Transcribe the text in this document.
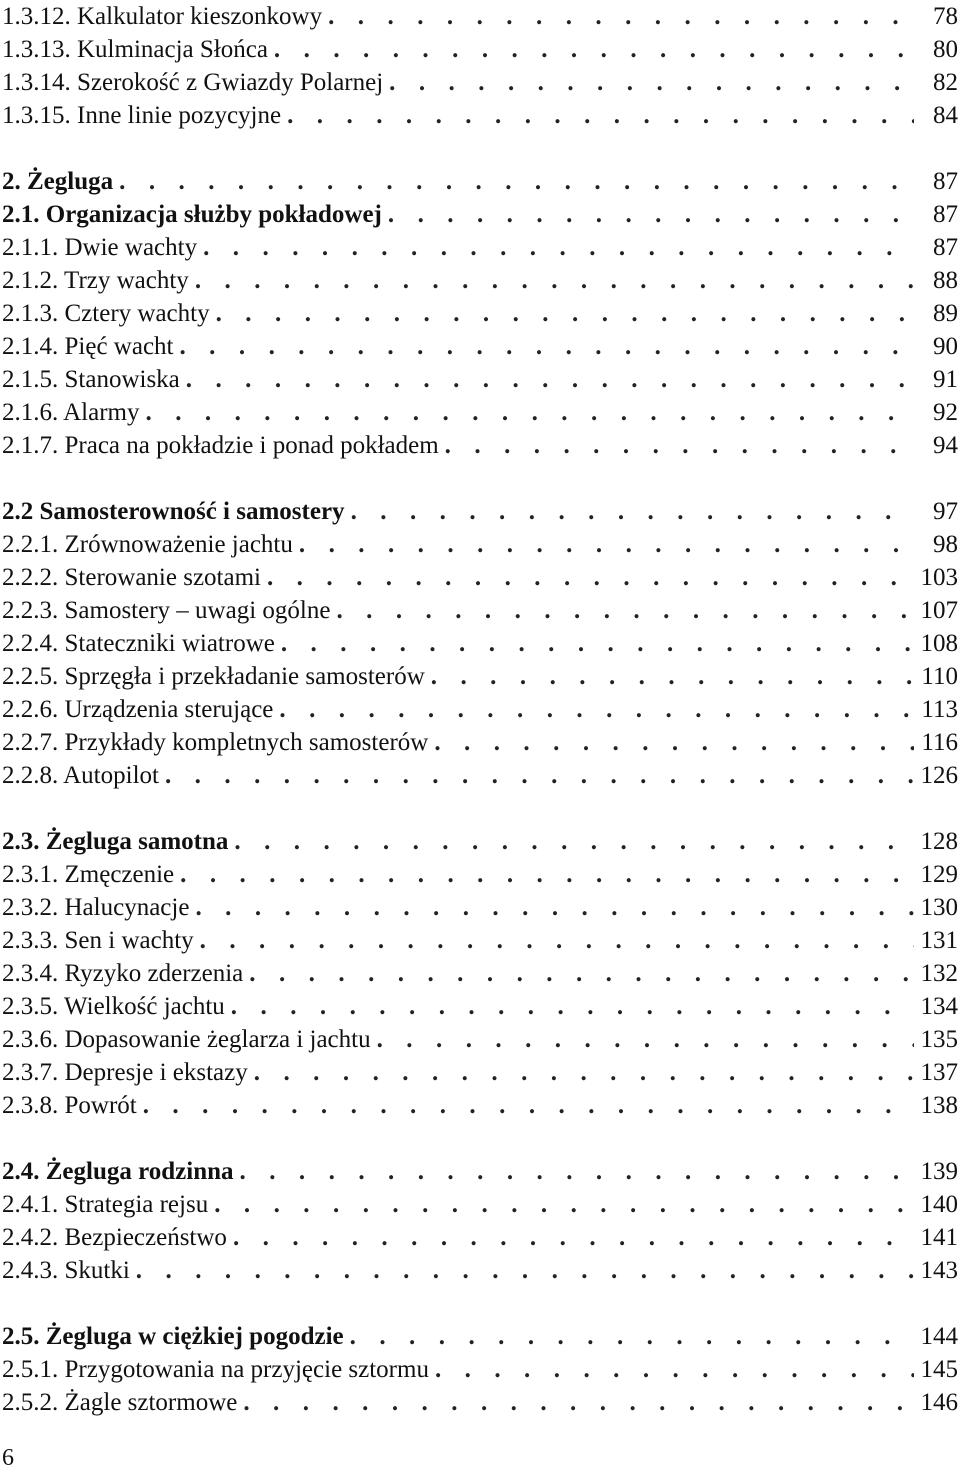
1.3.12. Kalkulator kieszonkowy . . .	78
1.3.13. Kulminacja Słońca . . .	80
1.3.14. Szerokość z Gwiazdy Polarnej . . .	82
1.3.15. Inne linie pozycyjne . . .	84
2. Żegluga . . .	87
2.1. Organizacja służby pokładowej . . .	87
2.1.1. Dwie wachty . . .	87
2.1.2. Trzy wachty . . .	88
2.1.3. Cztery wachty . . .	89
2.1.4. Pięć wacht . . .	90
2.1.5. Stanowiska . . .	91
2.1.6. Alarmy . . .	92
2.1.7. Praca na pokładzie i ponad pokładem . . .	94
2.2 Samosterowność i samostery . . .	97
2.2.1. Zrównoważenie jachtu . . .	98
2.2.2. Sterowanie szotami . . .	103
2.2.3. Samostery – uwagi ogólne . . .	107
2.2.4. Stateczniki wiatrowe . . .	108
2.2.5. Sprzęgła i przekładanie samosterów . . .	110
2.2.6. Urządzenia sterujące . . .	113
2.2.7. Przykłady kompletnych samosterów . . .	116
2.2.8. Autopilot . . .	126
2.3. Żegluga samotna . . .	128
2.3.1. Zmęczenie . . .	129
2.3.2. Halucynacje . . .	130
2.3.3. Sen i wachty . . .	131
2.3.4. Ryzyko zderzenia . . .	132
2.3.5. Wielkość jachtu . . .	134
2.3.6. Dopasowanie żeglarza i jachtu . . .	135
2.3.7. Depresje i ekstazy . . .	137
2.3.8. Powrót . . .	138
2.4. Żegluga rodzinna . . .	139
2.4.1. Strategia rejsu . . .	140
2.4.2. Bezpieczeństwo . . .	141
2.4.3. Skutki . . .	143
2.5. Żegluga w ciężkiej pogodzie . . .	144
2.5.1. Przygotowania na przyjęcie sztormu . . .	145
2.5.2. Żagle sztormowe . . .	146
6
